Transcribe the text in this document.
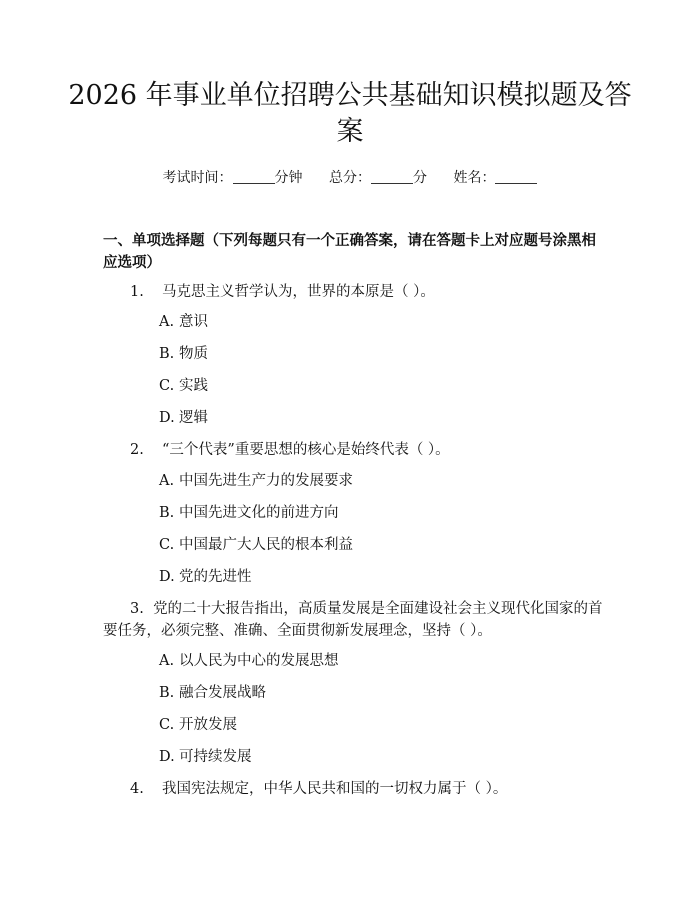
2026 年事业单位招聘公共基础知识模拟题及答案
考试时间：	分钟 总分：	分 姓名：
一、单项选择题（下列每题只有一个正确答案，请在答题卡上对应题号涂黑相应选项）
1. 马克思主义哲学认为，世界的本原是（ ）。
A. 意识
B. 物质
C. 实践
D. 逻辑
2. “三个代表”重要思想的核心是始终代表（ ）。
A. 中国先进生产力的发展要求
B. 中国先进文化的前进方向
C. 中国最广大人民的根本利益
D. 党的先进性
3. 党的二十大报告指出，高质量发展是全面建设社会主义现代化国家的首要任务，必须完整、准确、全面贯彻新发展理念，坚持（ ）。
A. 以人民为中心的发展思想
B. 融合发展战略
C. 开放发展
D. 可持续发展
4. 我国宪法规定，中华人民共和国的一切权力属于（ ）。
